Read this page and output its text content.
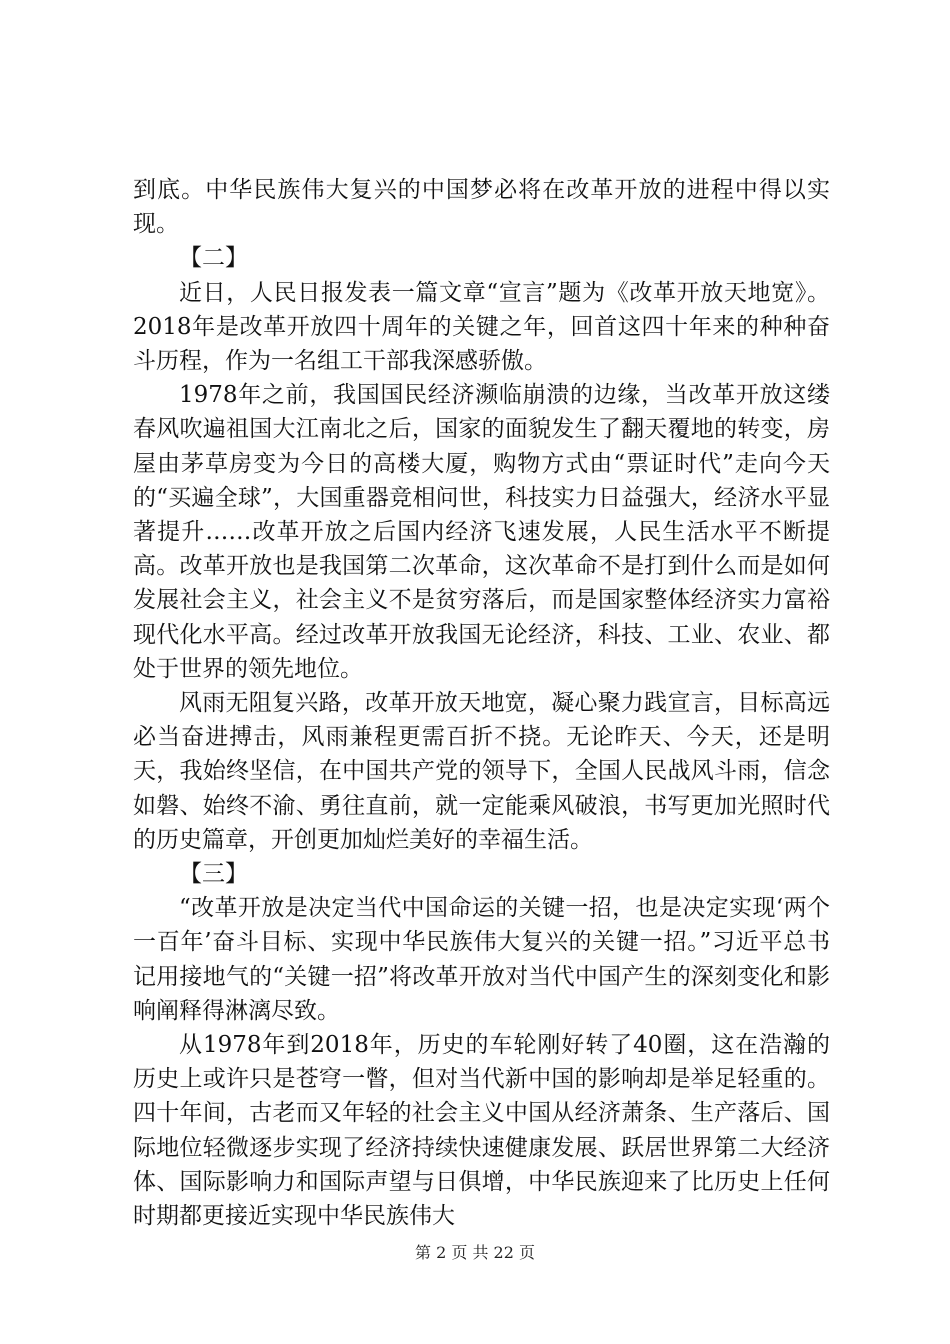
到底。中华民族伟大复兴的中国梦必将在改革开放的进程中得以实现。

【二】

近日，人民日报发表一篇文章“宣言”题为《改革开放天地宽》。2018年是改革开放四十周年的关键之年，回首这四十年来的种种奋斗历程，作为一名组工干部我深感骄傲。

1978年之前，我国国民经济濒临崩溃的边缘，当改革开放这缕春风吹遍祖国大江南北之后，国家的面貌发生了翻天覆地的转变，房屋由茅草房变为今日的高楼大厦，购物方式由“票证时代”走向今天的“买遍全球”，大国重器竞相问世，科技实力日益强大，经济水平显著提升……改革开放之后国内经济飞速发展，人民生活水平不断提高。改革开放也是我国第二次革命，这次革命不是打到什么而是如何发展社会主义，社会主义不是贫穷落后，而是国家整体经济实力富裕现代化水平高。经过改革开放我国无论经济，科技、工业、农业、都处于世界的领先地位。

风雨无阻复兴路，改革开放天地宽，凝心聚力践宣言，目标高远必当奋进搏击，风雨兼程更需百折不挠。无论昨天、今天，还是明天，我始终坚信，在中国共产党的领导下，全国人民战风斗雨，信念如磐、始终不渝、勇往直前，就一定能乘风破浪，书写更加光照时代的历史篇章，开创更加灿烂美好的幸福生活。

【三】

“改革开放是决定当代中国命运的关键一招，也是决定实现‘两个一百年’奋斗目标、实现中华民族伟大复兴的关键一招。”习近平总书记用接地气的“关键一招”将改革开放对当代中国产生的深刻变化和影响阐释得淋漓尽致。

从1978年到2018年，历史的车轮刚好转了40圈，这在浩瀚的历史上或许只是苍穹一瞥，但对当代新中国的影响却是举足轻重的。四十年间，古老而又年轻的社会主义中国从经济萧条、生产落后、国际地位轻微逐步实现了经济持续快速健康发展、跃居世界第二大经济体、国际影响力和国际声望与日俱增，中华民族迎来了比历史上任何时期都更接近实现中华民族伟大

第 2 页 共 22 页
